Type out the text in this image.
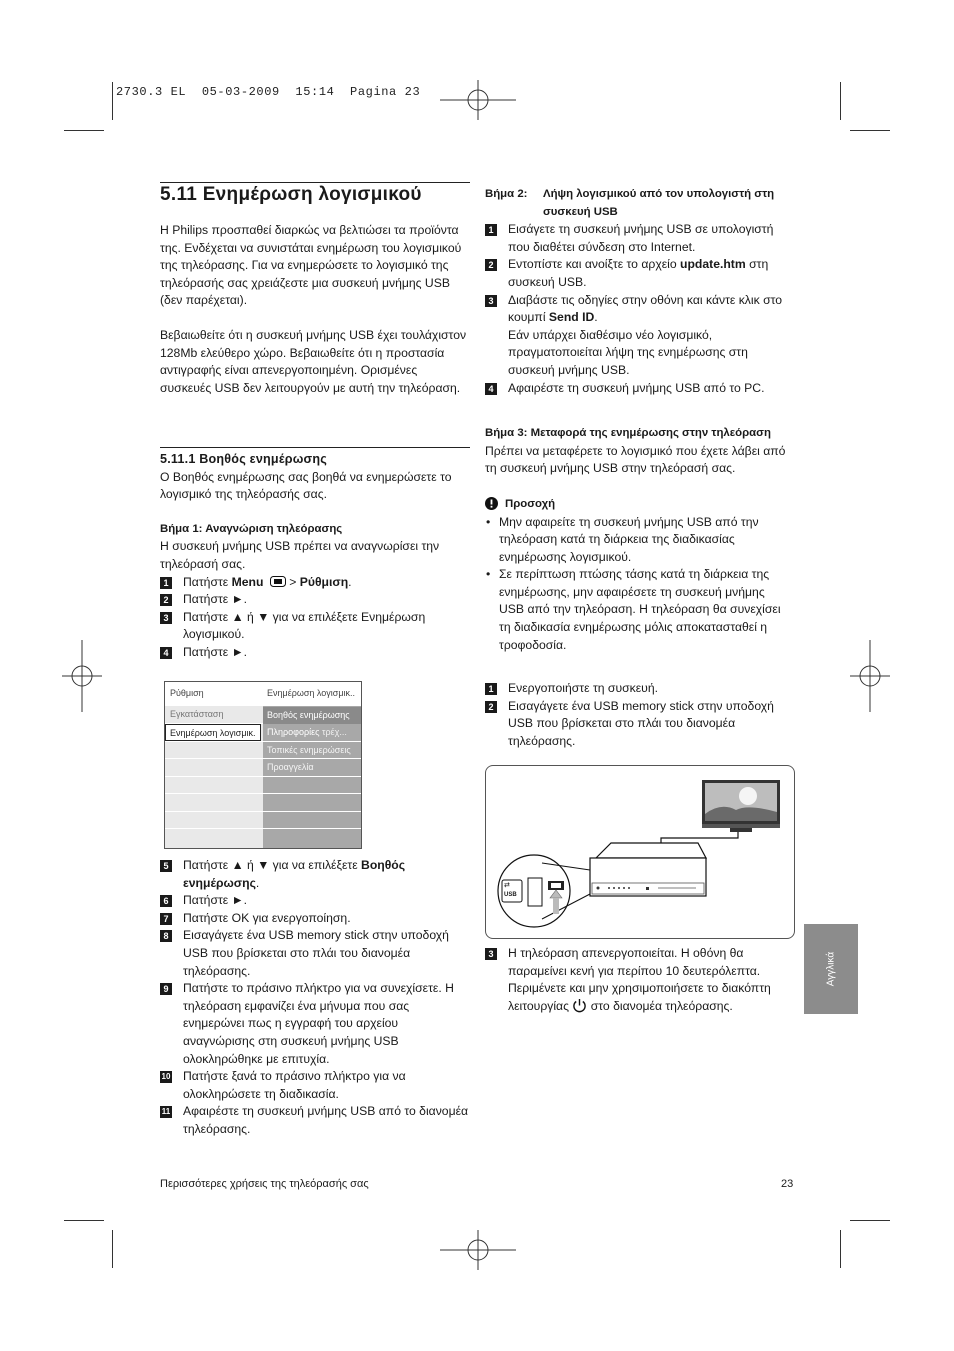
2730.3 EL  05-03-2009  15:14  Pagina 23
5.11 Ενημέρωση λογισμικού

Η Philips προσπαθεί διαρκώς να βελτιώσει τα προϊόντα της. Ενδέχεται να συνιστάται ενημέρωση του λογισμικού της τηλεόρασης. Για να ενημερώσετε το λογισμικό της τηλεόρασής σας χρειάζεστε μια συσκευή μνήμης USB (δεν παρέχεται).

Βεβαιωθείτε ότι η συσκευή μνήμης USB έχει τουλάχιστον 128Mb ελεύθερο χώρο. Βεβαιωθείτε ότι η προστασία αντιγραφής είναι απενεργοποιημένη. Ορισμένες συσκευές USB δεν λειτουργούν με αυτή την τηλεόραση.

5.11.1 Βοηθός ενημέρωσης

Ο Βοηθός ενημέρωσης σας βοηθά να ενημερώσετε το λογισμικό της τηλεόρασής σας.

Βήμα 1: Αναγνώριση τηλεόρασης

Η συσκευή μνήμης USB πρέπει να αναγνωρίσει την τηλεόρασή σας.

1 Πατήστε Menu  > Ρύθμιση.
2 Πατήστε ►.
3 Πατήστε ▲ ή ▼ για να επιλέξετε Ενημέρωση λογισμικού.
4 Πατήστε ►.
Ρύθμιση	Ενημέρωση λογισμικ..
Εγκατάσταση
Ενημέρωση λογισμικ.
Βοηθός ενημέρωσης
Πληροφορίες τρέχ...
Τοπικές ενημερώσεις
Προαγγελία
5 Πατήστε ▲ ή ▼ για να επιλέξετε Βοηθός ενημέρωσης.
6 Πατήστε ►.
7 Πατήστε OK για ενεργοποίηση.
8 Εισαγάγετε ένα USB memory stick στην υποδοχή USB που βρίσκεται στο πλάι του διανομέα τηλεόρασης.
9 Πατήστε το πράσινο πλήκτρο για να συνεχίσετε. Η τηλεόραση εμφανίζει ένα μήνυμα που σας ενημερώνει πως η εγγραφή του αρχείου αναγνώρισης στη συσκευή μνήμης USB ολοκληρώθηκε με επιτυχία.
10 Πατήστε ξανά το πράσινο πλήκτρο για να ολοκληρώσετε τη διαδικασία.
11 Αφαιρέστε τη συσκευή μνήμης USB από το διανομέα τηλεόρασης.
Βήμα 2: Λήψη λογισμικού από τον υπολογιστή στη συσκευή USB
1 Εισάγετε τη συσκευή μνήμης USB σε υπολογιστή που διαθέτει σύνδεση στο Internet.
2 Εντοπίστε και ανοίξτε το αρχείο update.htm στη συσκευή USB.
3 Διαβάστε τις οδηγίες στην οθόνη και κάντε κλικ στο κουμπί Send ID.
Εάν υπάρχει διαθέσιμο νέο λογισμικό, πραγματοποιείται λήψη της ενημέρωσης στη συσκευή μνήμης USB.
4 Αφαιρέστε τη συσκευή μνήμης USB από το PC.

Βήμα 3: Μεταφορά της ενημέρωσης στην τηλεόραση

Πρέπει να μεταφέρετε το λογισμικό που έχετε λάβει από τη συσκευή μνήμης USB στην τηλεόρασή σας.

Προσοχή
• Μην αφαιρείτε τη συσκευή μνήμης USB από την τηλεόραση κατά τη διάρκεια της διαδικασίας ενημέρωσης λογισμικού.
• Σε περίπτωση πτώσης τάσης κατά τη διάρκεια της ενημέρωσης, μην αφαιρέσετε τη συσκευή μνήμης USB από την τηλεόραση. Η τηλεόραση θα συνεχίσει τη διαδικασία ενημέρωσης μόλις αποκατασταθεί η τροφοδοσία.
1 Ενεργοποιήστε τη συσκευή.
2 Εισαγάγετε ένα USB memory stick στην υποδοχή USB που βρίσκεται στο πλάι του διανομέα τηλεόρασης.
USB
⇄
3 Η τηλεόραση απενεργοποιείται. Η οθόνη θα παραμείνει κενή για περίπου 10 δευτερόλεπτα. Περιμένετε και μην χρησιμοποιήσετε το διακόπτη λειτουργίας  στο διανομέα τηλεόρασης.
Αγγλικά
Περισσότερες χρήσεις της τηλεόρασής σας	23
